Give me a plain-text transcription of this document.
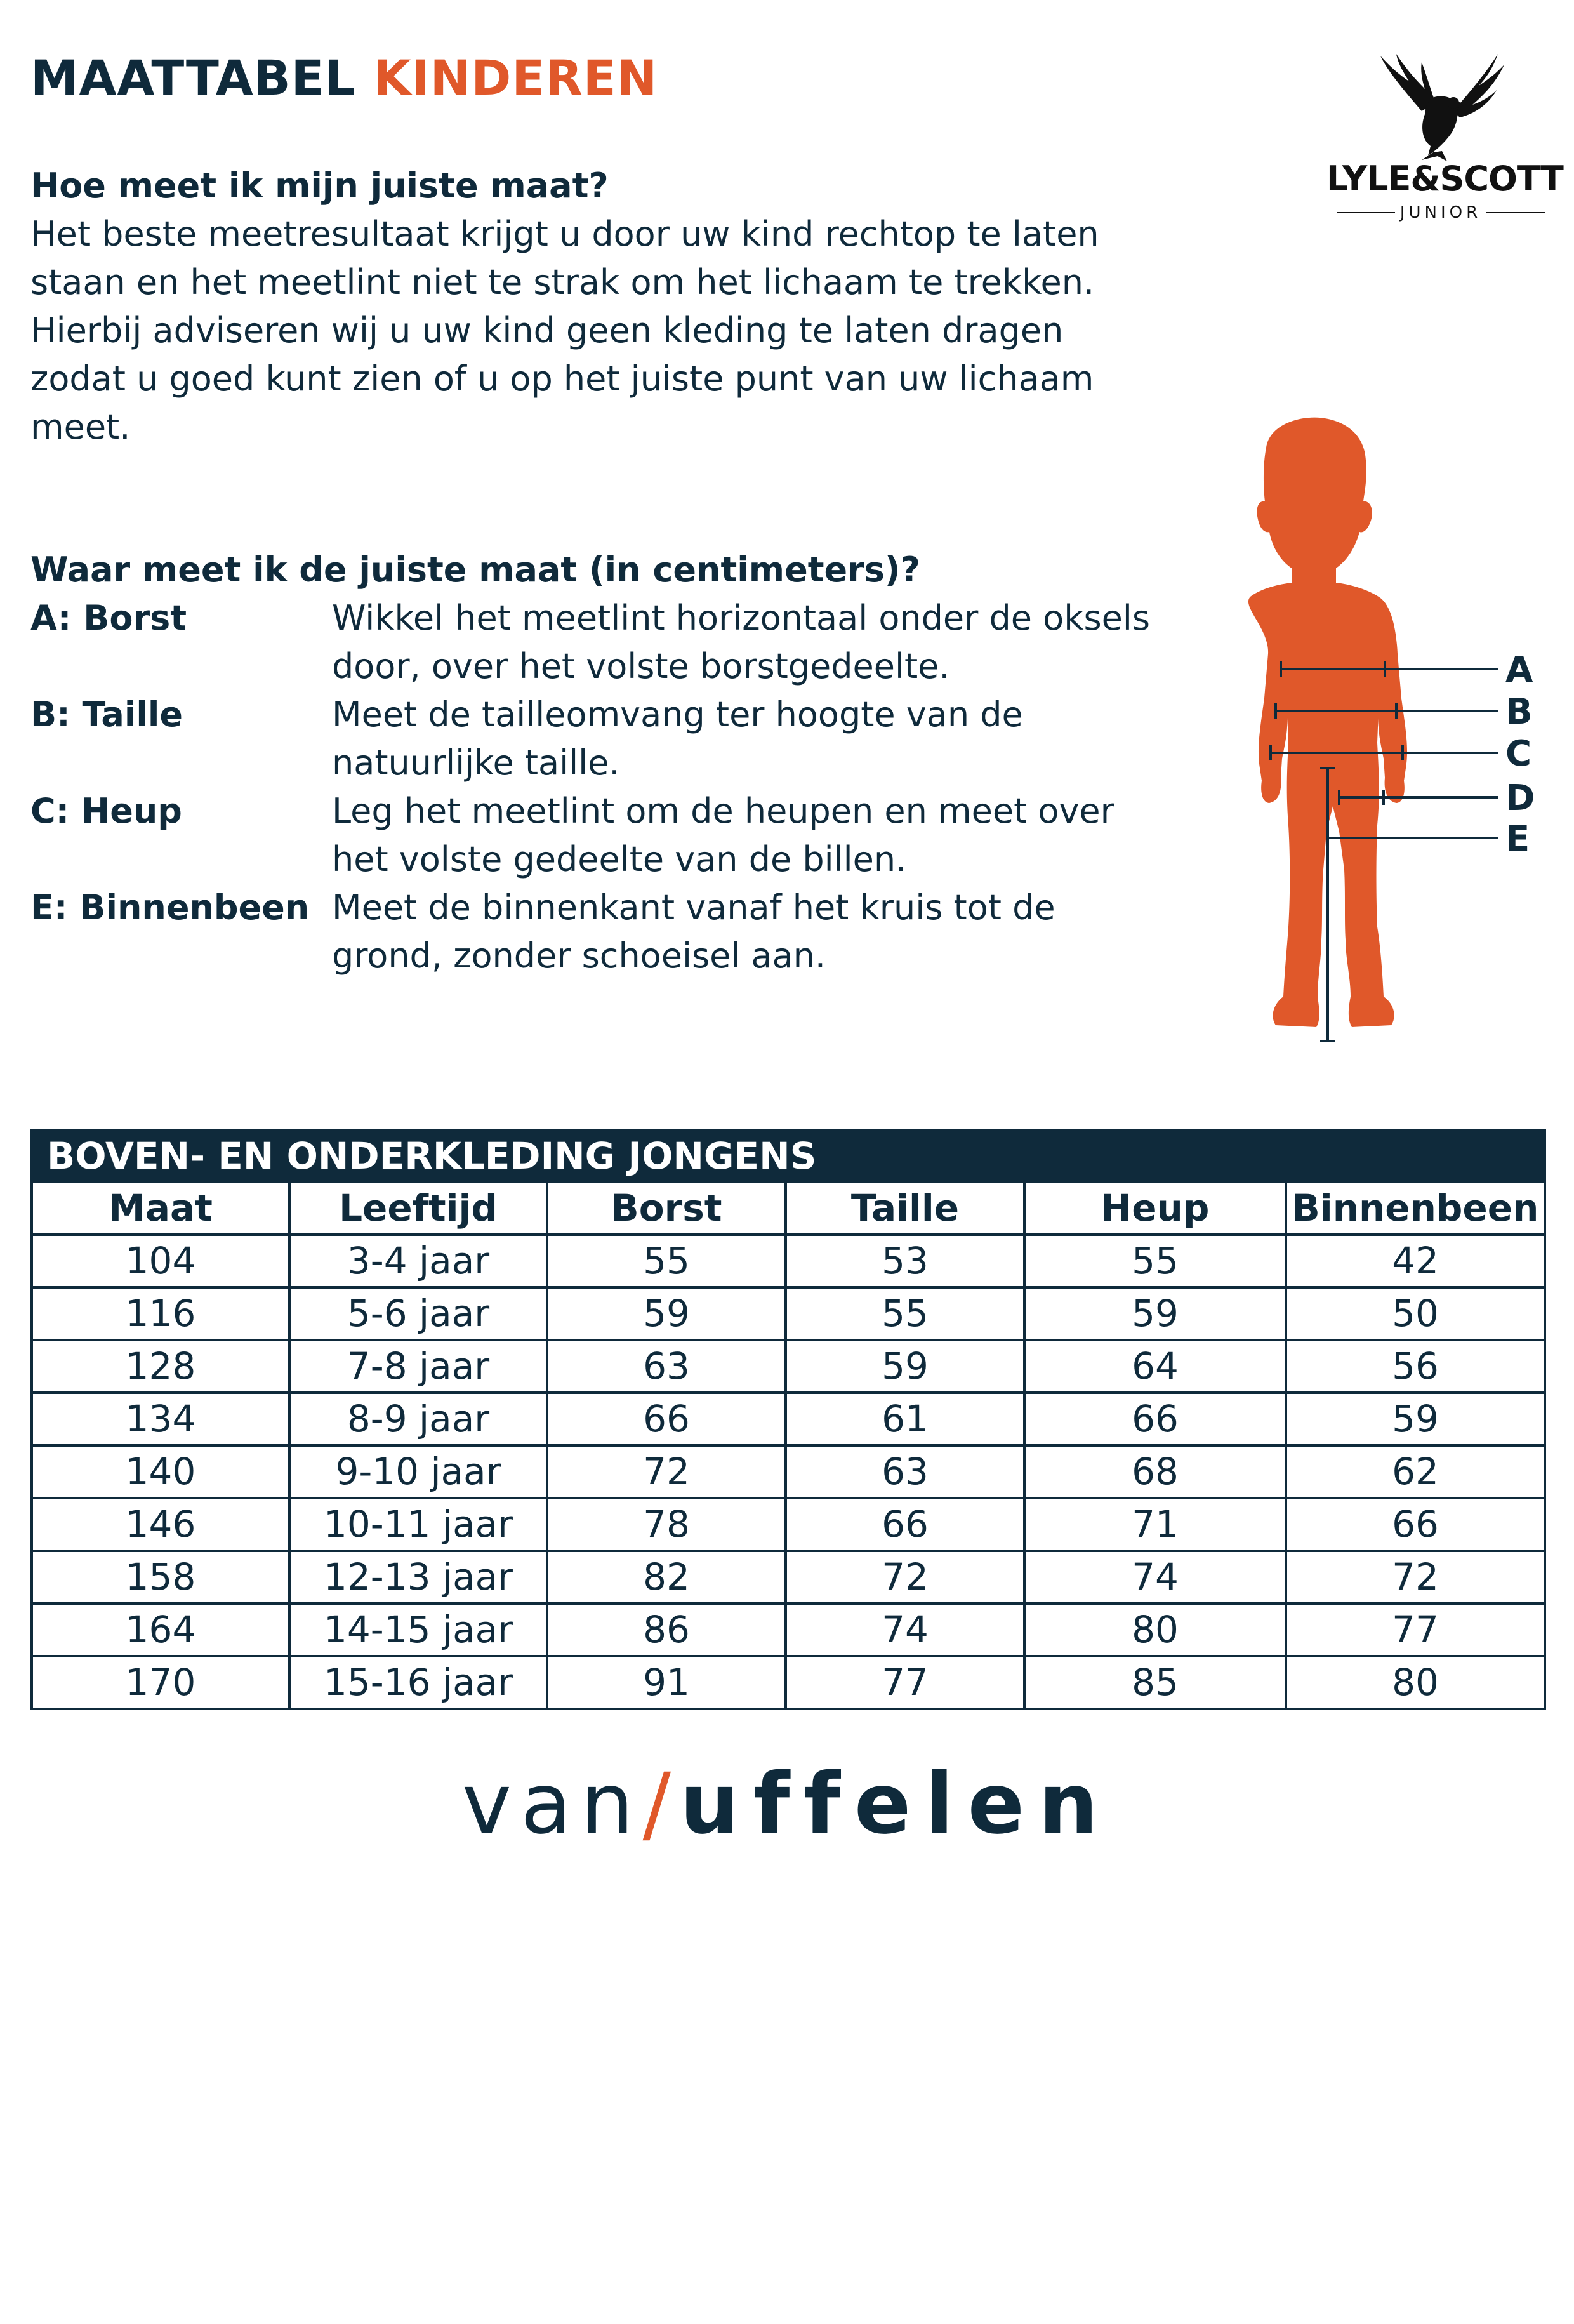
MAATTABEL KINDEREN
LYLE&SCOTT
JUNIOR
Hoe meet ik mijn juiste maat?

Het beste meetresultaat krijgt u door uw kind rechtop te laten staan en het meetlint niet te strak om het lichaam te trekken.

Hierbij adviseren wij u uw kind geen kleding te laten dragen zodat u goed kunt zien of u op het juiste punt van uw lichaam meet.

Waar meet ik de juiste maat (in centimeters)?
A: Borst	Wikkel het meetlint horizontaal onder de oksels door, over het volste borstgedeelte.
B: Taille	Meet de tailleomvang ter hoogte van de natuurlijke taille.
C: Heup	Leg het meetlint om de heupen en meet over het volste gedeelte van de billen.
E: Binnenbeen Meet de binnenkant vanaf het kruis tot de grond, zonder schoeisel aan.
A
B
C
D
E
BOVEN- EN ONDERKLEDING JONGENS					
Maat	Leeftijd	Borst	Taille	Heup	Binnenbeen
104	3-4 jaar	55	53	55	42
116	5-6 jaar	59	55	59	50
128	7-8 jaar	63	59	64	56
134	8-9 jaar	66	61	66	59
140	9-10 jaar	72	63	68	62
146	10-11 jaar	78	66	71	66
158	12-13 jaar	82	72	74	72
164	14-15 jaar	86	74	80	77
170	15-16 jaar	91	77	85	80
van/uffelen
